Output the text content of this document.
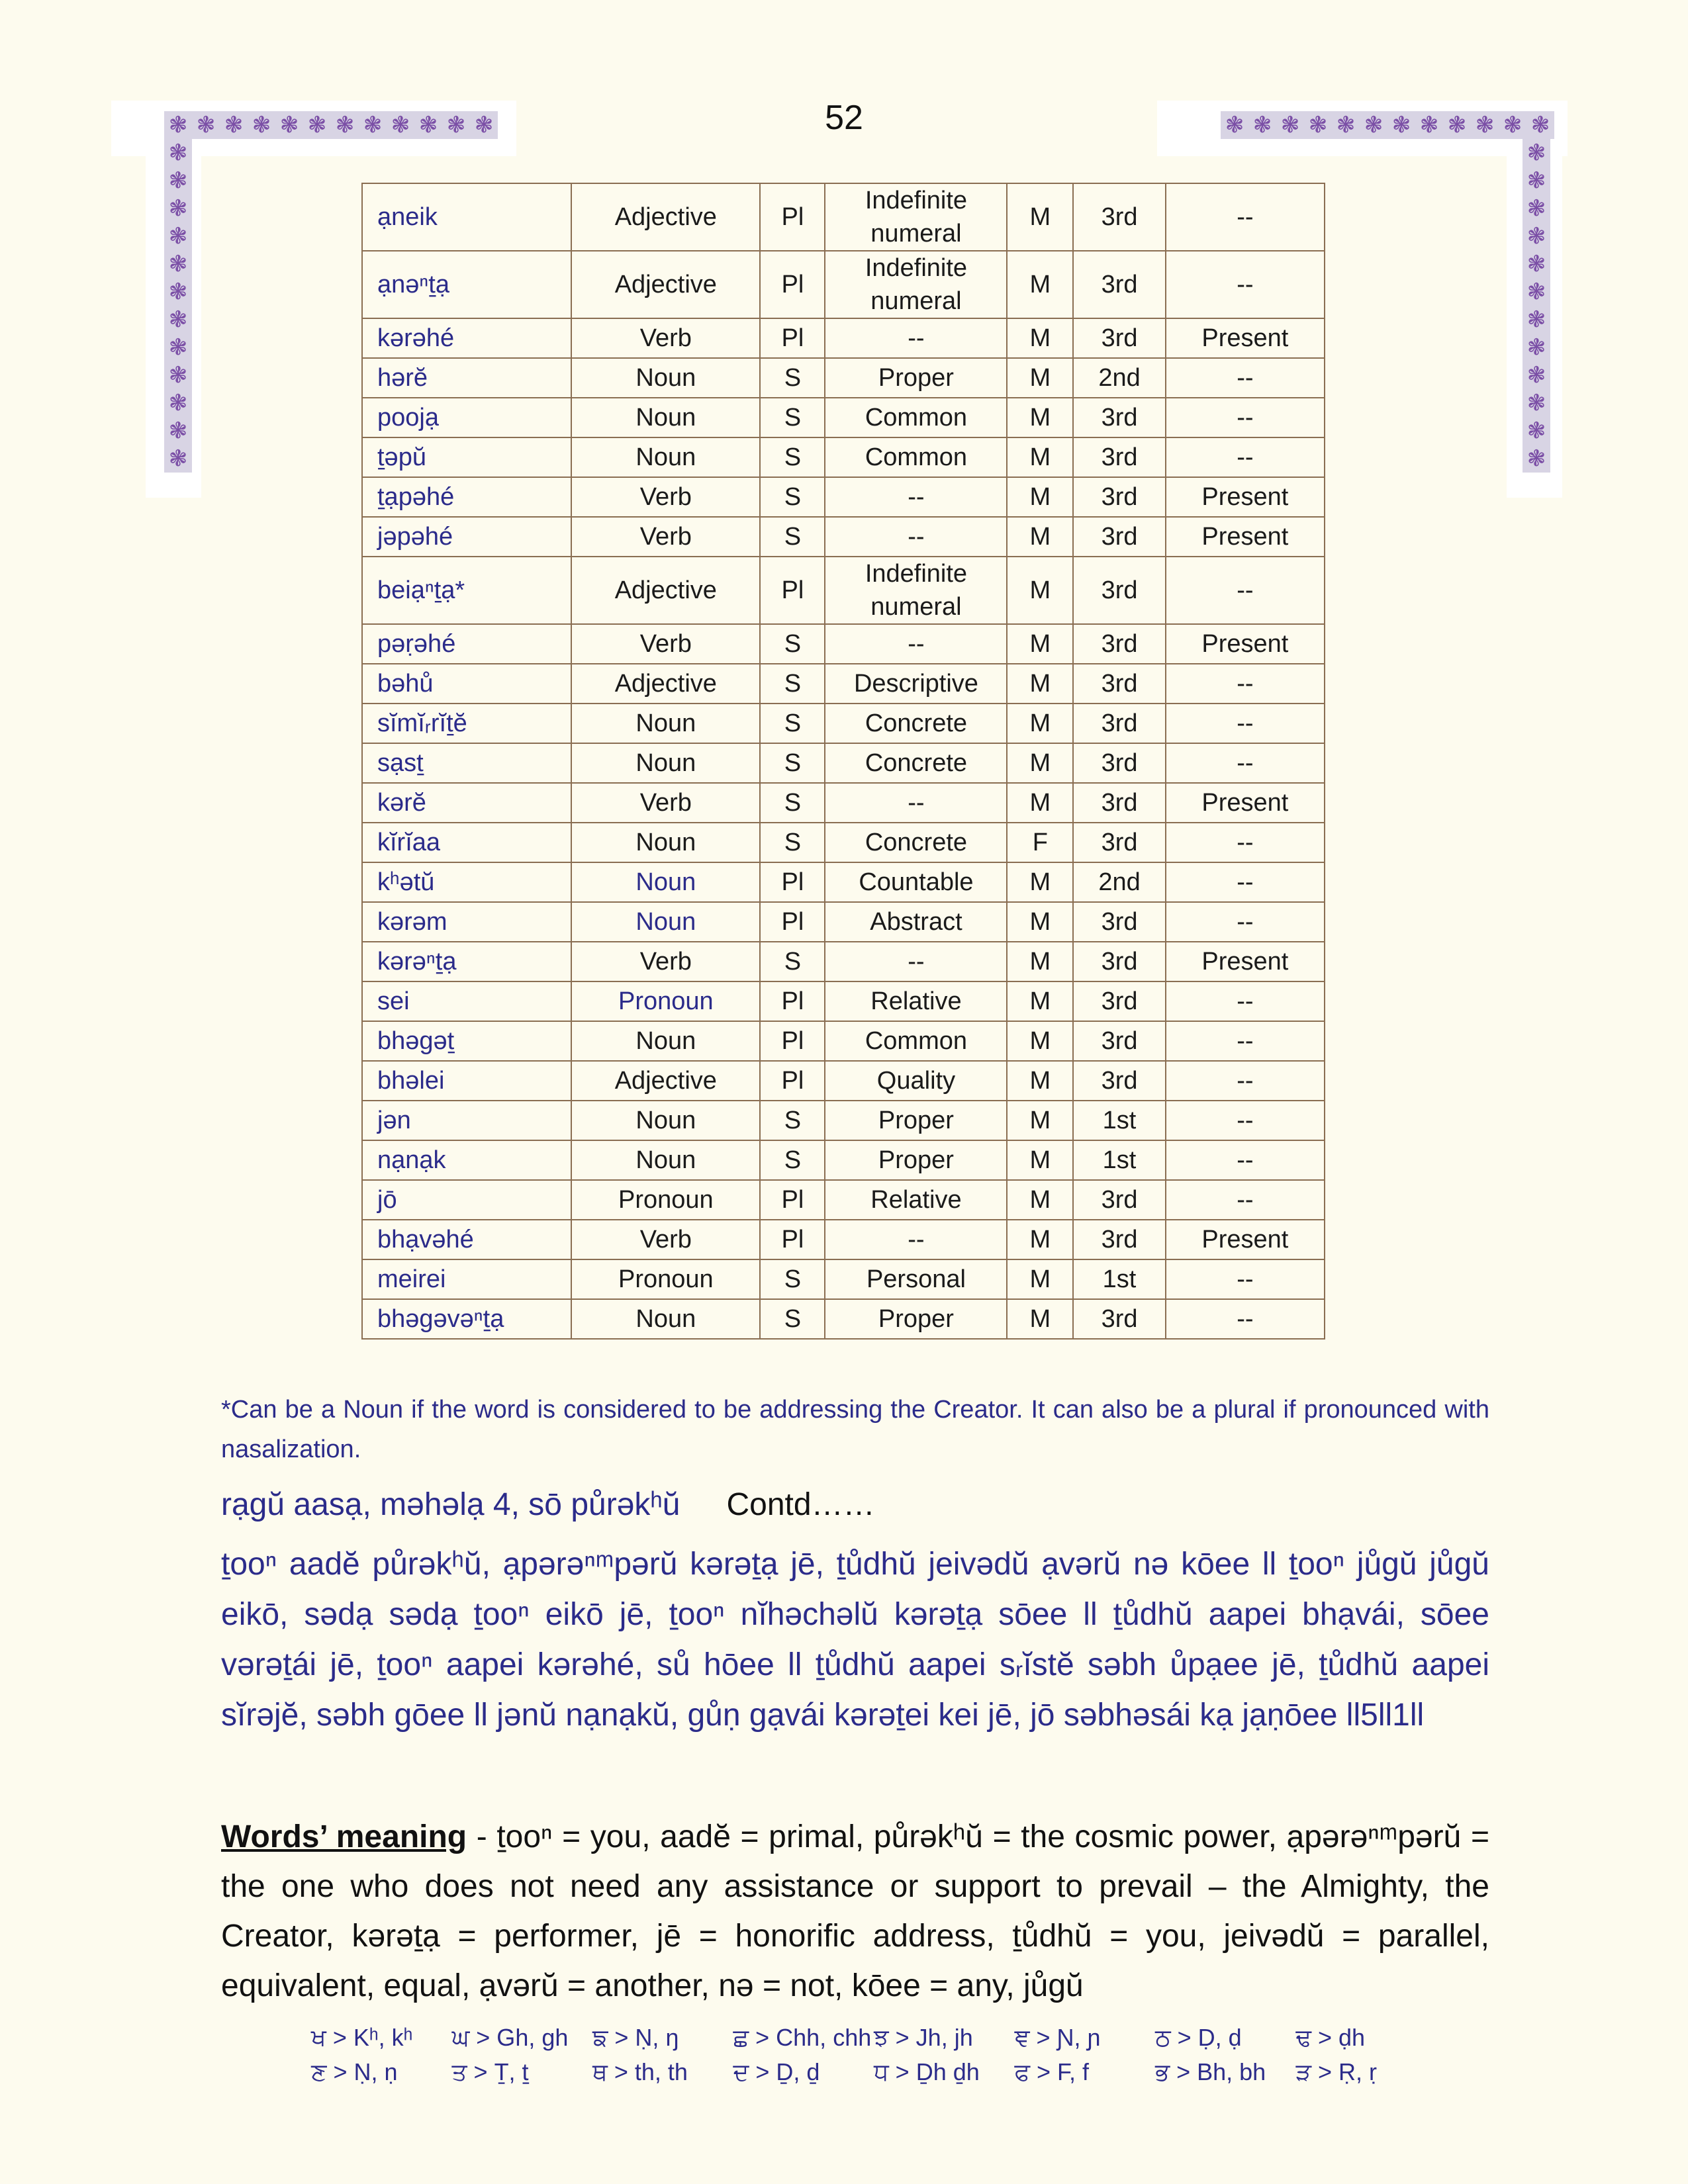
❃ ❃ ❃ ❃ ❃ ❃ ❃ ❃ ❃ ❃ ❃ ❃
❃
❃
❃
❃
❃
❃
❃
❃
❃
❃
❃
❃
❃ ❃ ❃ ❃ ❃ ❃ ❃ ❃ ❃ ❃ ❃ ❃
❃
❃
❃
❃
❃
❃
❃
❃
❃
❃
❃
❃
52
ạneik	Adjective	Pl	Indefinite numeral	M	3rd	--
ạnəⁿṯạ	Adjective	Pl	Indefinite numeral	M	3rd	--
kərəhé	Verb	Pl	--	M	3rd	Present
hərĕ	Noun	S	Proper	M	2nd	--
poojạ	Noun	S	Common	M	3rd	--
ṯəpŭ	Noun	S	Common	M	3rd	--
ṯạpəhé	Verb	S	--	M	3rd	Present
jəpəhé	Verb	S	--	M	3rd	Present
beiạⁿṯạ*	Adjective	Pl	Indefinite numeral	M	3rd	--
pəṛəhé	Verb	S	--	M	3rd	Present
bəhů	Adjective	S	Descriptive	M	3rd	--
sĭmĭᵣrĭṯĕ	Noun	S	Concrete	M	3rd	--
sạsṯ	Noun	S	Concrete	M	3rd	--
kərĕ	Verb	S	--	M	3rd	Present
kĭrĭaa	Noun	S	Concrete	F	3rd	--
kʰətŭ	Noun	Pl	Countable	M	2nd	--
kərəm	Noun	Pl	Abstract	M	3rd	--
kərəⁿṯạ	Verb	S	--	M	3rd	Present
sei	Pronoun	Pl	Relative	M	3rd	--
bhəgəṯ	Noun	Pl	Common	M	3rd	--
bhəlei	Adjective	Pl	Quality	M	3rd	--
jən	Noun	S	Proper	M	1st	--
nạnạk	Noun	S	Proper	M	1st	--
jō	Pronoun	Pl	Relative	M	3rd	--
bhạvəhé	Verb	Pl	--	M	3rd	Present
meirei	Pronoun	S	Personal	M	1st	--
bhəgəvəⁿṯạ	Noun	S	Proper	M	3rd	--
*Can be a Noun if the word is considered to be addressing the Creator. It can also be a plural if pronounced with nasalization.
rạgŭ aasạ, məhəlạ 4, sō půrəkʰŭ Contd……
ṯooⁿ aadĕ půrəkʰŭ, ạpərəⁿᵐpərŭ kərəṯạ jē, ṯůdhŭ jeivədŭ ạvərŭ nə kōee ll ṯooⁿ jůgŭ jůgŭ eikō, sədạ sədạ ṯooⁿ eikō jē, ṯooⁿ nĭhəchəlŭ kərəṯạ sōee ll ṯůdhŭ aapei bhạvái, sōee vərəṯái jē, ṯooⁿ aapei kərəhé, sů hōee ll ṯůdhŭ aapei sᵣĭstĕ səbh ůpạee jē, ṯůdhŭ aapei sĭrəjĕ, səbh gōee ll jənŭ nạnạkŭ, gůṇ gạvái kərəṯei kei jē, jō səbhəsái kạ jạṇōee ll5ll1ll
Words’ meaning - ṯooⁿ = you, aadĕ = primal, půrəkʰŭ = the cosmic power, ạpərəⁿᵐpərŭ = the one who does not need any assistance or support to prevail – the Almighty, the Creator, kərəṯạ = performer, jē = honorific address, ṯůdhŭ = you, jeivədŭ = parallel, equivalent, equal, ạvərŭ = another, nə = not, kōee = any, jůgŭ
ਖ > Kʰ, kʰ	ਘ > Gh, gh	ਙ > Ṇ, ŋ	ਛ > Chh, chh ਝ > Jh, jh	ਞ > Ɲ, ɲ	ਠ > Ḍ, ḍ	ਢ > ḍh
ਣ > Ṇ, ṇ	ਤ > Ṯ, ṯ	ਥ > th, th	ਦ > Ḏ, ḏ	ਧ > Ḏh ḏh	ਫ > F, f	ਭ > Bh, bh	ੜ > Ṛ, ṛ
